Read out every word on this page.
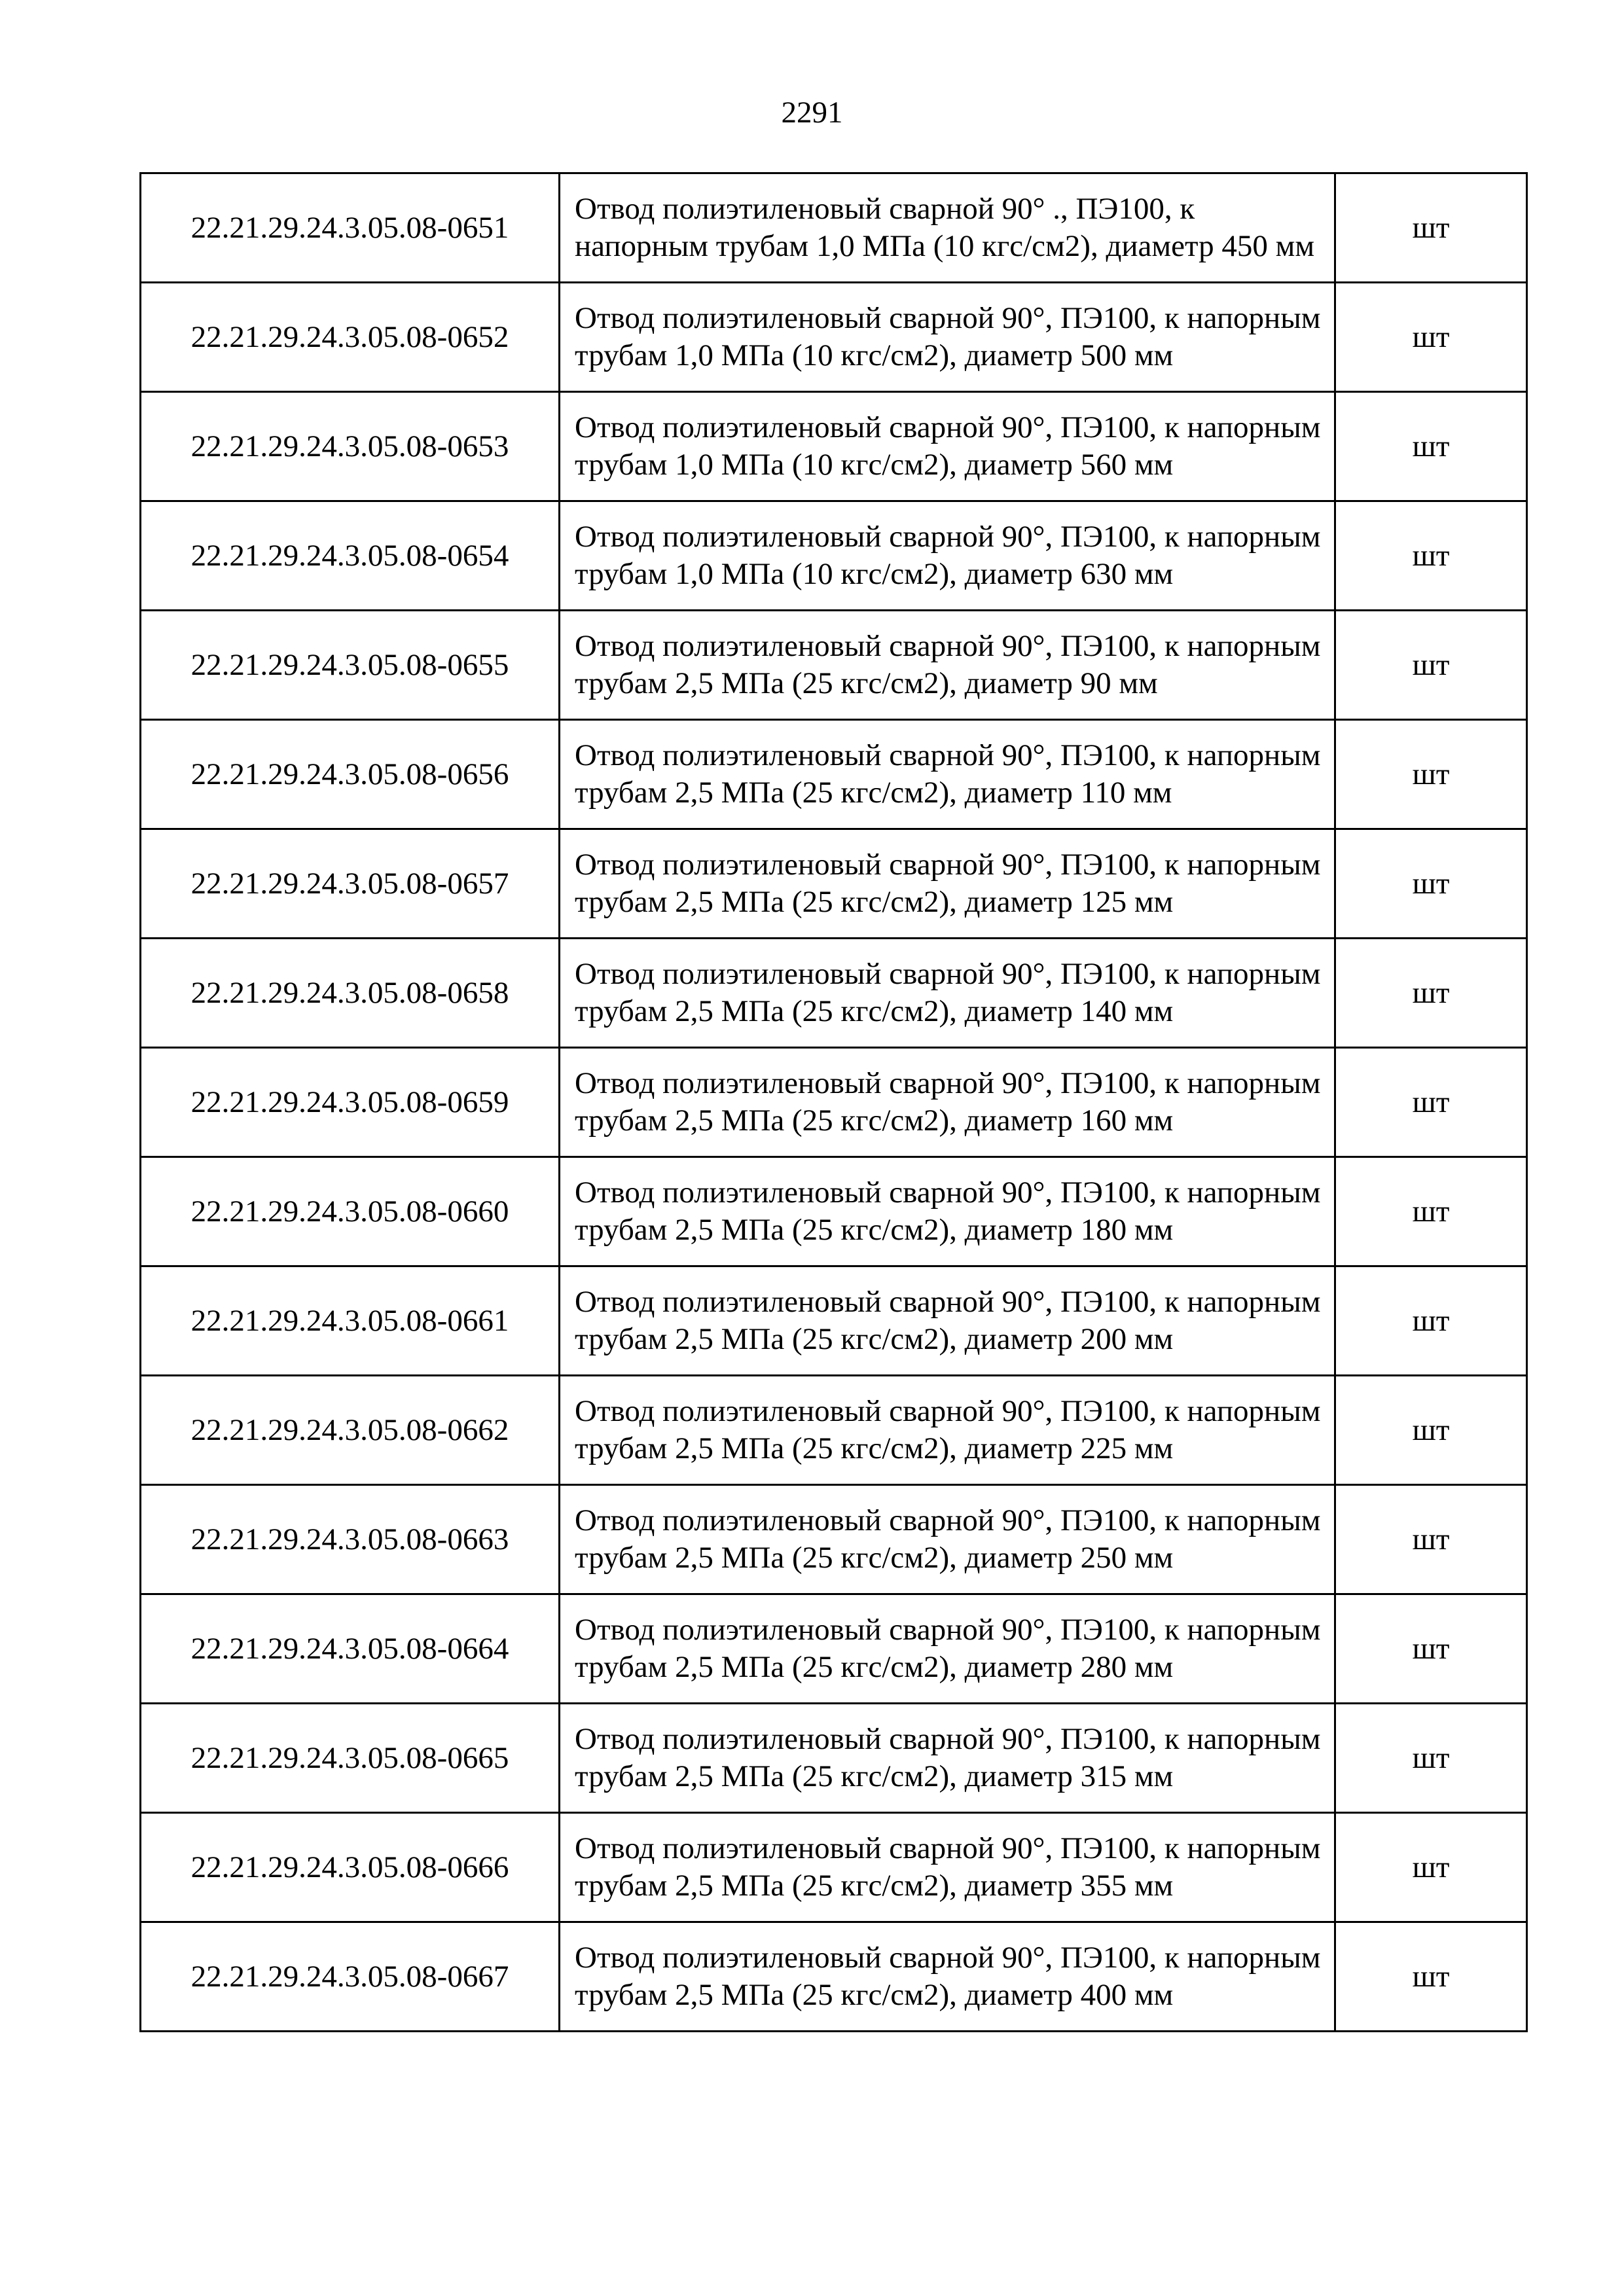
2291
22.21.29.24.3.05.08-0651	Отвод полиэтиленовый сварной 90° ., ПЭ100, к напорным трубам 1,0 МПа (10 кгс/см2), диаметр 450 мм	шт
22.21.29.24.3.05.08-0652	Отвод полиэтиленовый сварной 90°, ПЭ100, к напорным трубам 1,0 МПа (10 кгс/см2), диаметр 500 мм	шт
22.21.29.24.3.05.08-0653	Отвод полиэтиленовый сварной 90°, ПЭ100, к напорным трубам 1,0 МПа (10 кгс/см2), диаметр 560 мм	шт
22.21.29.24.3.05.08-0654	Отвод полиэтиленовый сварной 90°, ПЭ100, к напорным трубам 1,0 МПа (10 кгс/см2), диаметр 630 мм	шт
22.21.29.24.3.05.08-0655	Отвод полиэтиленовый сварной 90°, ПЭ100, к напорным трубам 2,5 МПа (25 кгс/см2), диаметр 90 мм	шт
22.21.29.24.3.05.08-0656	Отвод полиэтиленовый сварной 90°, ПЭ100, к напорным трубам 2,5 МПа (25 кгс/см2), диаметр 110 мм	шт
22.21.29.24.3.05.08-0657	Отвод полиэтиленовый сварной 90°, ПЭ100, к напорным трубам 2,5 МПа (25 кгс/см2), диаметр 125 мм	шт
22.21.29.24.3.05.08-0658	Отвод полиэтиленовый сварной 90°, ПЭ100, к напорным трубам 2,5 МПа (25 кгс/см2), диаметр 140 мм	шт
22.21.29.24.3.05.08-0659	Отвод полиэтиленовый сварной 90°, ПЭ100, к напорным трубам 2,5 МПа (25 кгс/см2), диаметр 160 мм	шт
22.21.29.24.3.05.08-0660	Отвод полиэтиленовый сварной 90°, ПЭ100, к напорным трубам 2,5 МПа (25 кгс/см2), диаметр 180 мм	шт
22.21.29.24.3.05.08-0661	Отвод полиэтиленовый сварной 90°, ПЭ100, к напорным трубам 2,5 МПа (25 кгс/см2), диаметр 200 мм	шт
22.21.29.24.3.05.08-0662	Отвод полиэтиленовый сварной 90°, ПЭ100, к напорным трубам 2,5 МПа (25 кгс/см2), диаметр 225 мм	шт
22.21.29.24.3.05.08-0663	Отвод полиэтиленовый сварной 90°, ПЭ100, к напорным трубам 2,5 МПа (25 кгс/см2), диаметр 250 мм	шт
22.21.29.24.3.05.08-0664	Отвод полиэтиленовый сварной 90°, ПЭ100, к напорным трубам 2,5 МПа (25 кгс/см2), диаметр 280 мм	шт
22.21.29.24.3.05.08-0665	Отвод полиэтиленовый сварной 90°, ПЭ100, к напорным трубам 2,5 МПа (25 кгс/см2), диаметр 315 мм	шт
22.21.29.24.3.05.08-0666	Отвод полиэтиленовый сварной 90°, ПЭ100, к напорным трубам 2,5 МПа (25 кгс/см2), диаметр 355 мм	шт
22.21.29.24.3.05.08-0667	Отвод полиэтиленовый сварной 90°, ПЭ100, к напорным трубам 2,5 МПа (25 кгс/см2), диаметр 400 мм	шт
